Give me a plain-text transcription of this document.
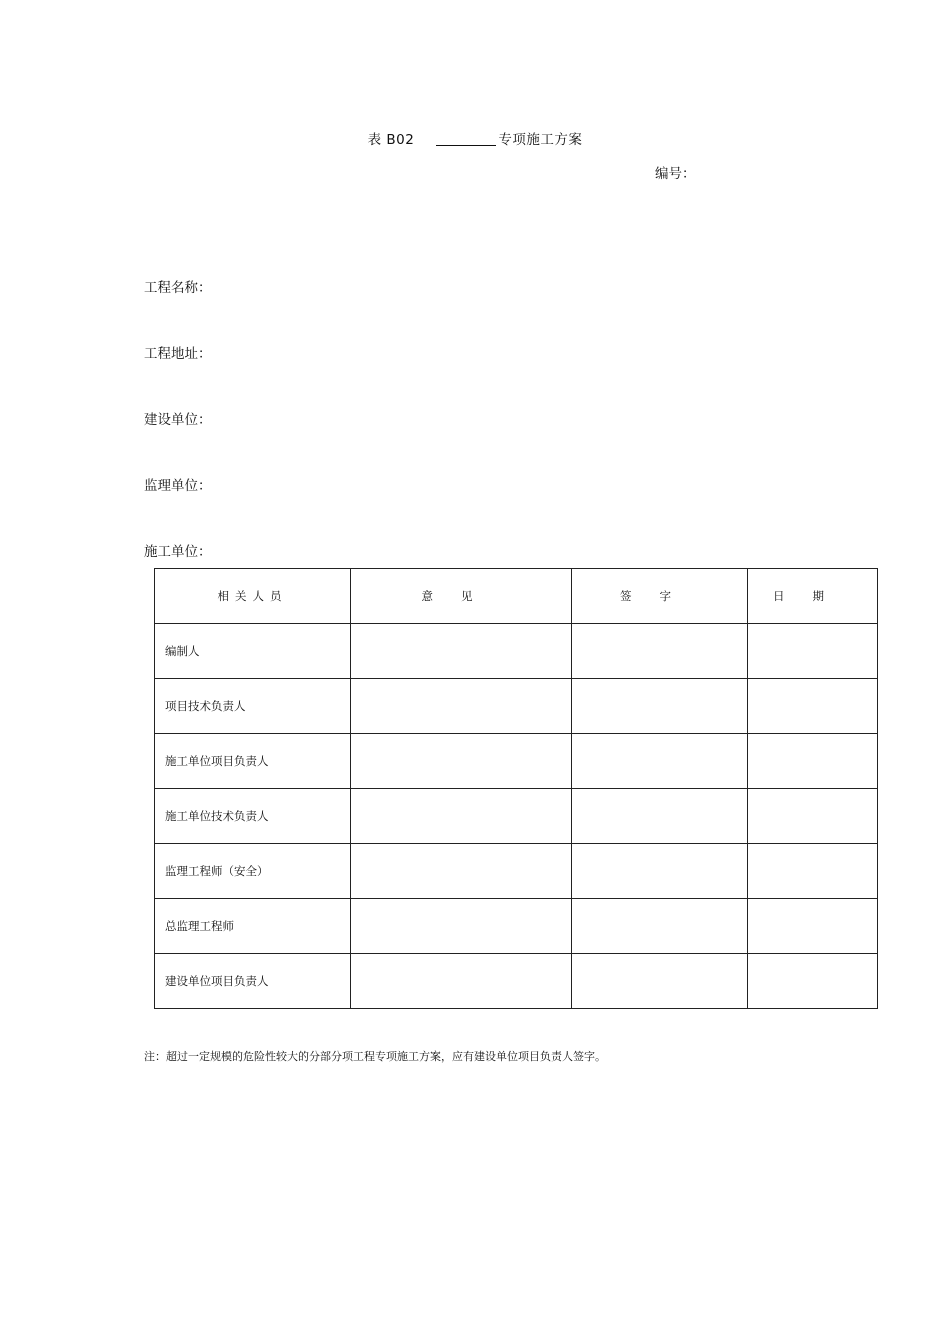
表 B02	专项施工方案
编号：
工程名称：
工程地址：
建设单位：
监理单位：
施工单位：
相关人员	意见	签字	日期
编制人			
项目技术负责人			
施工单位项目负责人			
施工单位技术负责人			
监理工程师（安全）			
总监理工程师			
建设单位项目负责人			
注：超过一定规模的危险性较大的分部分项工程专项施工方案，应有建设单位项目负责人签字。
